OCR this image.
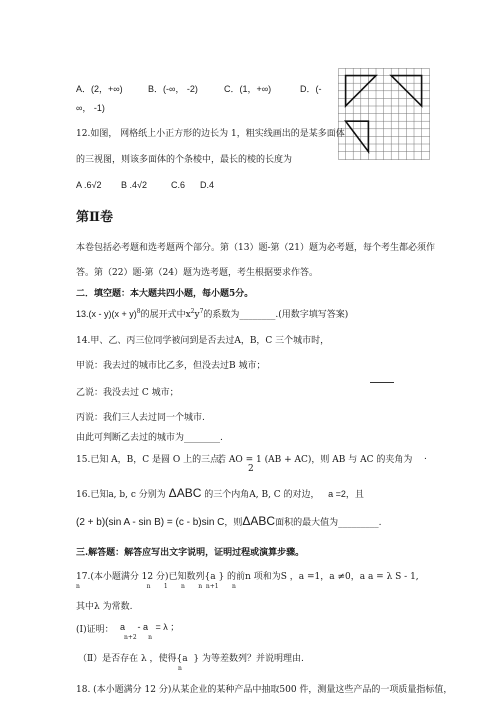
A．(2，+∞)	B．(-∞， -2)	C．(1，+∞)	D．(-
∞， -1)
12.如图， 网格纸上小正方形的边长为 1，粗实线画出的是某多面体
的三视图，则该多面体的个条棱中，最长的棱的长度为
A .6√2 B .4√2	C.6 D.4
第Ⅱ卷
本卷包括必考题和选考题两个部分。第（13）题-第（21）题为必考题，每个考生都必须作
答。第（22）题-第（24）题为选考题，考生根据要求作答。
二．填空题：本大题共四小题，每小题5分。
$13.(x - y)(x + y)^8$的展开式中$x^2y^7$的系数为________.(用数字填写答案)
14.甲、乙、丙三位同学被问到是否去过A，B，C 三个城市时，
甲说：我去过的城市比乙多，但没去过B 城市；
乙说：我没去过 C 城市；
丙说：我们三人去过同一个城市.
由此可判断乙去过的城市为________.
15.已知 A，B，C 是圆 O 上的三点，
若 AO = 1 (AB + AC)，则 AB 与 AC 的夹角为
2
.
16.已知a, b, c 分别为 ΔABC 的三个内角A, B, C 的对边， a =2，且
(2 + b)(sin A - sin B) = (c - b)sin C，则ΔABC面积的最大值为_________.
三.解答题：解答应写出文字说明，证明过程或演算步骤。
17.(本小题满分 12 分)已知数列{a } 的前n 项和为S ，a =1，a ≠0，a a = λ S - 1,
n                                   n       1       n       n  n+1       n
其中λ 为常数.
(Ⅰ)证明： a     - a   = λ ；
n+2      n
（Ⅱ）是否存在 λ ，使得{a  } 为等差数列？并说明理由.
n
18. (本小题满分 12 分)从某企业的某种产品中抽取500 件，测量这些产品的一项质量指标值，
